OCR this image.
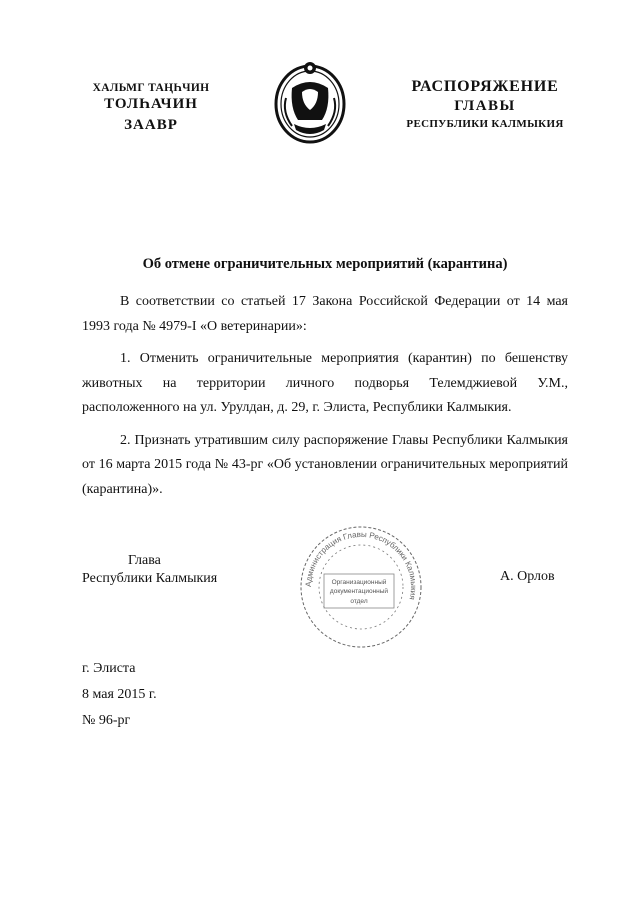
ХАЛЬМГ ТАҢҺЧИН
ТОЛҺАЧИН
ЗААВР
РАСПОРЯЖЕНИЕ
ГЛАВЫ
РЕСПУБЛИКИ КАЛМЫКИЯ
Об отмене ограничительных мероприятий (карантина)

В соответствии со статьей 17 Закона Российской Федерации от 14 мая 1993 года № 4979-I «О ветеринарии»:

1. Отменить ограничительные мероприятия (карантин) по бешенству животных на территории личного подворья Телемджиевой У.М., расположенного на ул. Урулдан, д. 29, г. Элиста, Республики Калмыкия.

2. Признать утратившим силу распоряжение Главы Республики Калмыкия от 16 марта 2015 года № 43-рг «Об установлении ограничительных мероприятий (карантина)».

Глава
Республики Калмыкия	Администрация Главы Республики Калмыкия
Организационный
документационный
отдел
А. Орлов
г. Элиста
8 мая 2015 г.
№ 96-рг
